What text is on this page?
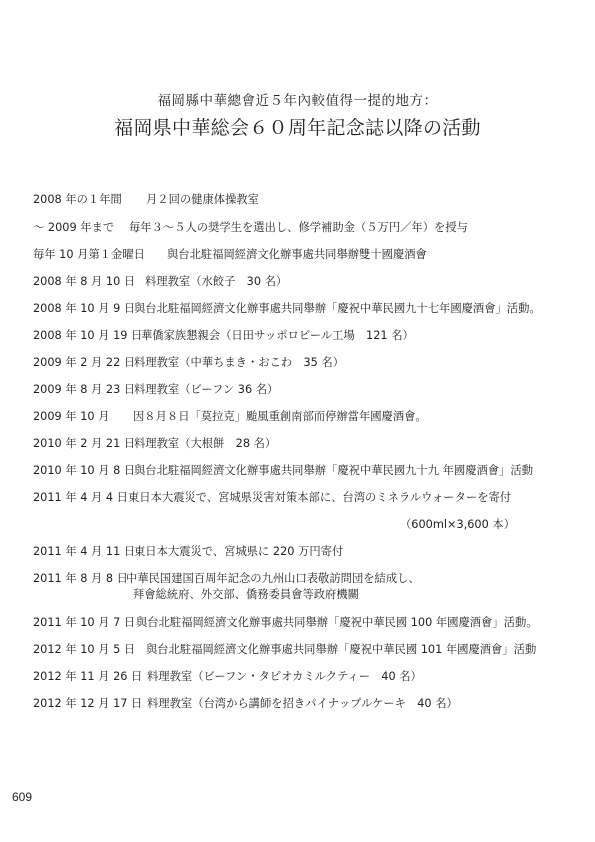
福岡縣中華總會近５年內較值得一提的地方：
福岡県中華総会６０周年記念誌以降の活動
2008 年の１年間 月２回の健康体操教室
～ 2009 年まで 毎年３～５人の奨学生を選出し、修学補助金（５万円／年）を授与
毎年 10 月第１金曜日 與台北駐福岡經濟文化辦事處共同舉辦雙十國慶酒會
2008 年 8 月 10 日 料理教室（水餃子　30 名）
2008 年 10 月 9 日與台北駐福岡經濟文化辦事處共同舉辦「慶祝中華民國九十七年國慶酒會」活動。
2008 年 10 月 19 日華僑家族懇親会（日田サッポロビール工場　121 名）
2009 年 2 月 22 日料理教室（中華ちまき・おこわ　35 名）
2009 年 8 月 23 日料理教室（ビーフン 36 名）
2009 年 10 月 因８月８日「莫拉克」颱風重創南部而停辦當年國慶酒會。
2010 年 2 月 21 日料理教室（大根餅　28 名）
2010 年 10 月 8 日與台北駐福岡經濟文化辦事處共同舉辦「慶祝中華民國九十九 年國慶酒會」活動
2011 年 4 月 4 日東日本大震災で、宮城県災害対策本部に、台湾のミネラルウォーターを寄付
（600ml×3,600 本）
2011 年 4 月 11 日東日本大震災で、宮城県に 220 万円寄付
2011 年 8 月 8 日中華民国建国百周年記念の九州山口表敬訪問団を結成し、
拜會総統府、外交部、僑務委員會等政府機關
2011 年 10 月 7 日與台北駐福岡經濟文化辦事處共同舉辦「慶祝中華民國 100 年國慶酒會」活動。
2012 年 10 月 5 日 與台北駐福岡經濟文化辦事處共同舉辦「慶祝中華民國 101 年國慶酒會」活動
2012 年 11 月 26 日 料理教室（ビーフン・タピオカミルクティー　40 名）
2012 年 12 月 17 日 料理教室（台湾から講師を招きパイナップルケーキ　40 名）
609
